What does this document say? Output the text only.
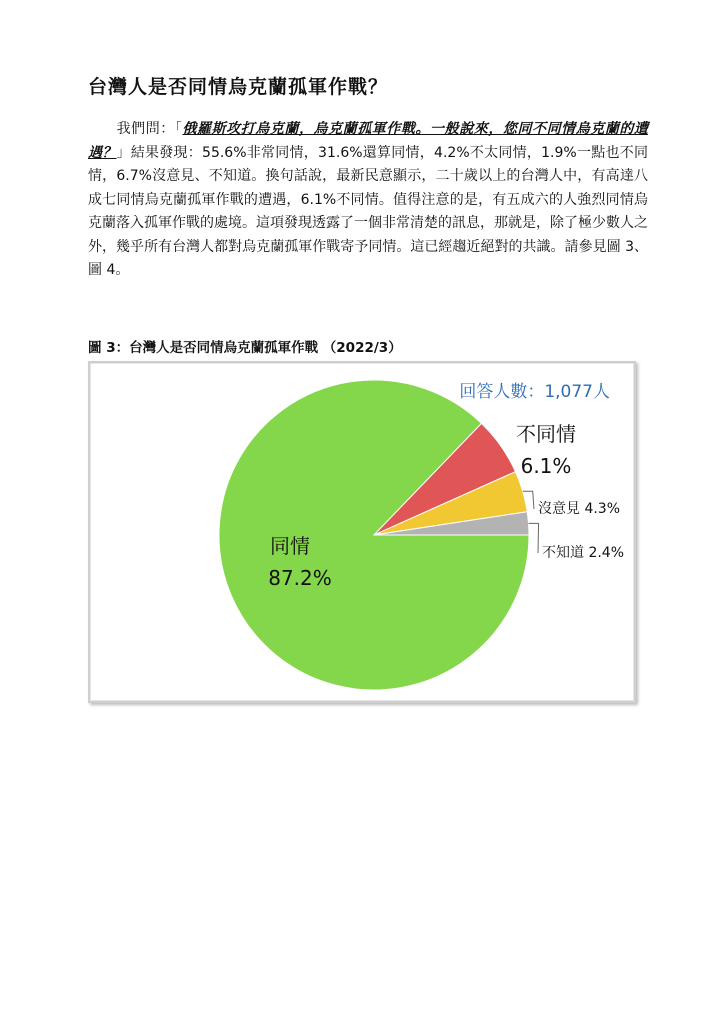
台灣人是否同情烏克蘭孤軍作戰？
我們問：「俄羅斯攻打烏克蘭，烏克蘭孤軍作戰。一般說來，您同不同情烏克蘭的遭遇？」結果發現：55.6%非常同情，31.6%還算同情，4.2%不太同情，1.9%一點也不同情，6.7%沒意見、不知道。換句話說，最新民意顯示，二十歲以上的台灣人中，有高達八成七同情烏克蘭孤軍作戰的遭遇，6.1%不同情。值得注意的是，有五成六的人強烈同情烏克蘭落入孤軍作戰的處境。這項發現透露了一個非常清楚的訊息，那就是，除了極少數人之外，幾乎所有台灣人都對烏克蘭孤軍作戰寄予同情。這已經趨近絕對的共識。請參見圖 3、圖 4。
圖 3：台灣人是否同情烏克蘭孤軍作戰 （2022/3）
回答人數：1,077人
同情
87.2%
不同情
6.1%
沒意見 4.3%
不知道 2.4%
